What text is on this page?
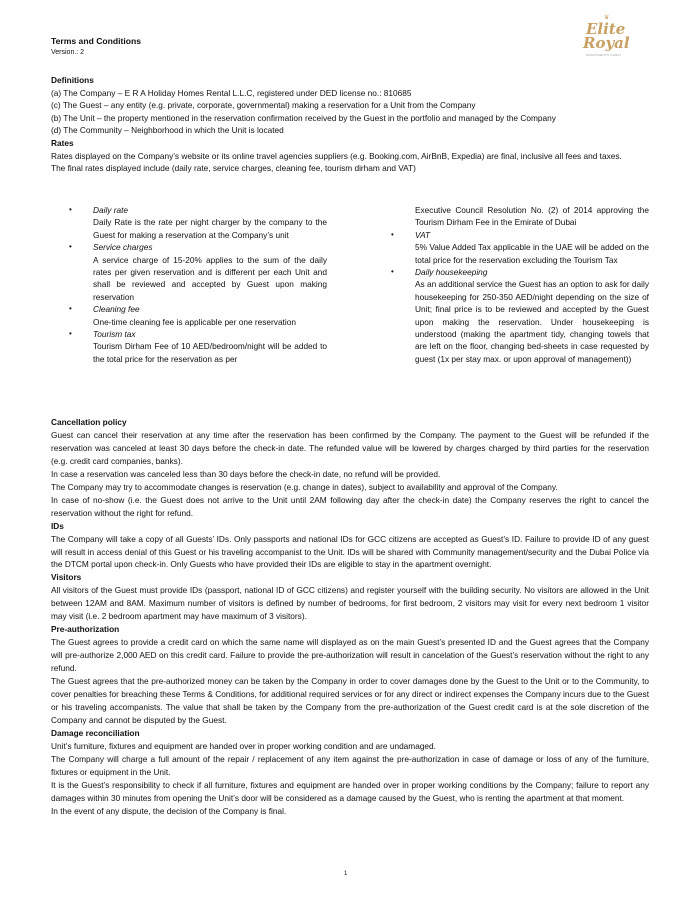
Terms and Conditions
Version.: 2
♛
Elite
Royal
APARTMENTS DUBAI

Definitions

(a) The Company – E R A Holiday Homes Rental L.L.C, registered under DED license no.: 810685

(c) The Guest – any entity (e.g. private, corporate, governmental) making a reservation for a Unit from the Company

(b) The Unit – the property mentioned in the reservation confirmation received by the Guest in the portfolio and managed by the Company

(d) The Community – Neighborhood in which the Unit is located

Rates

Rates displayed on the Company’s website or its online travel agencies suppliers (e.g. Booking.com, AirBnB, Expedia) are final, inclusive all fees and taxes.

The final rates displayed include (daily rate, service charges, cleaning fee, tourism dirham and VAT)

•	Daily rate
Daily Rate is the rate per night charger by the company to the Guest for making a reservation at the Company’s unit
•	Service charges
A service charge of 15-20% applies to the sum of the daily rates per given reservation and is different per each Unit and shall be reviewed and accepted by Guest upon making reservation
•	Cleaning fee
One-time cleaning fee is applicable per one reservation
•	Tourism tax
Tourism Dirham Fee of 10 AED/bedroom/night will be added to the total price for the reservation as per
Executive Council Resolution No. (2) of 2014 approving the Tourism Dirham Fee in the Emirate of Dubai
•	VAT
5% Value Added Tax applicable in the UAE will be added on the total price for the reservation excluding the Tourism Tax
•	Daily housekeeping
As an additional service the Guest has an option to ask for daily housekeeping for 250-350 AED/night depending on the size of Unit; final price is to be reviewed and accepted by the Guest upon making the reservation. Under housekeeping is understood (making the apartment tidy, changing towels that are left on the floor, changing bed-sheets in case requested by guest (1x per stay max. or upon approval of management))

Cancellation policy

Guest can cancel their reservation at any time after the reservation has been confirmed by the Company. The payment to the Guest will be refunded if the reservation was canceled at least 30 days before the check-in date. The refunded value will be lowered by charges charged by third parties for the reservation (e.g. credit card companies, banks).

In case a reservation was canceled less than 30 days before the check-in date, no refund will be provided.

The Company may try to accommodate changes is reservation (e.g. change in dates), subject to availability and approval of the Company.

In case of no-show (i.e. the Guest does not arrive to the Unit until 2AM following day after the check-in date) the Company reserves the right to cancel the reservation without the right for refund.

IDs

The Company will take a copy of all Guests’ IDs. Only passports and national IDs for GCC citizens are accepted as Guest’s ID. Failure to provide ID of any guest will result in access denial of this Guest or his traveling accompanist to the Unit. IDs will be shared with Community management/security and the Dubai Police via the DTCM portal upon check-in. Only Guests who have provided their IDs are eligible to stay in the apartment overnight.

Visitors

All visitors of the Guest must provide IDs (passport, national ID of GCC citizens) and register yourself with the building security. No visitors are allowed in the Unit between 12AM and 8AM. Maximum number of visitors is defined by number of bedrooms, for first bedroom, 2 visitors may visit for every next bedroom 1 visitor may visit (i.e. 2 bedroom apartment may have maximum of 3 visitors).

Pre-authorization

The Guest agrees to provide a credit card on which the same name will displayed as on the main Guest’s presented ID and the Guest agrees that the Company will pre-authorize 2,000 AED on this credit card. Failure to provide the pre-authorization will result in cancelation of the Guest’s reservation without the right to any refund.

The Guest agrees that the pre-authorized money can be taken by the Company in order to cover damages done by the Guest to the Unit or to the Community, to cover penalties for breaching these Terms & Conditions, for additional required services or for any direct or indirect expenses the Company incurs due to the Guest or his traveling accompanists. The value that shall be taken by the Company from the pre-authorization of the Guest credit card is at the sole discretion of the Company and cannot be disputed by the Guest.

Damage reconciliation

Unit’s furniture, fixtures and equipment are handed over in proper working condition and are undamaged.

The Company will charge a full amount of the repair / replacement of any item against the pre-authorization in case of damage or loss of any of the furniture, fixtures or equipment in the Unit.

It is the Guest’s responsibility to check if all furniture, fixtures and equipment are handed over in proper working conditions by the Company; failure to report any damages within 30 minutes from opening the Unit’s door will be considered as a damage caused by the Guest, who is renting the apartment at that moment.

In the event of any dispute, the decision of the Company is final.

1
